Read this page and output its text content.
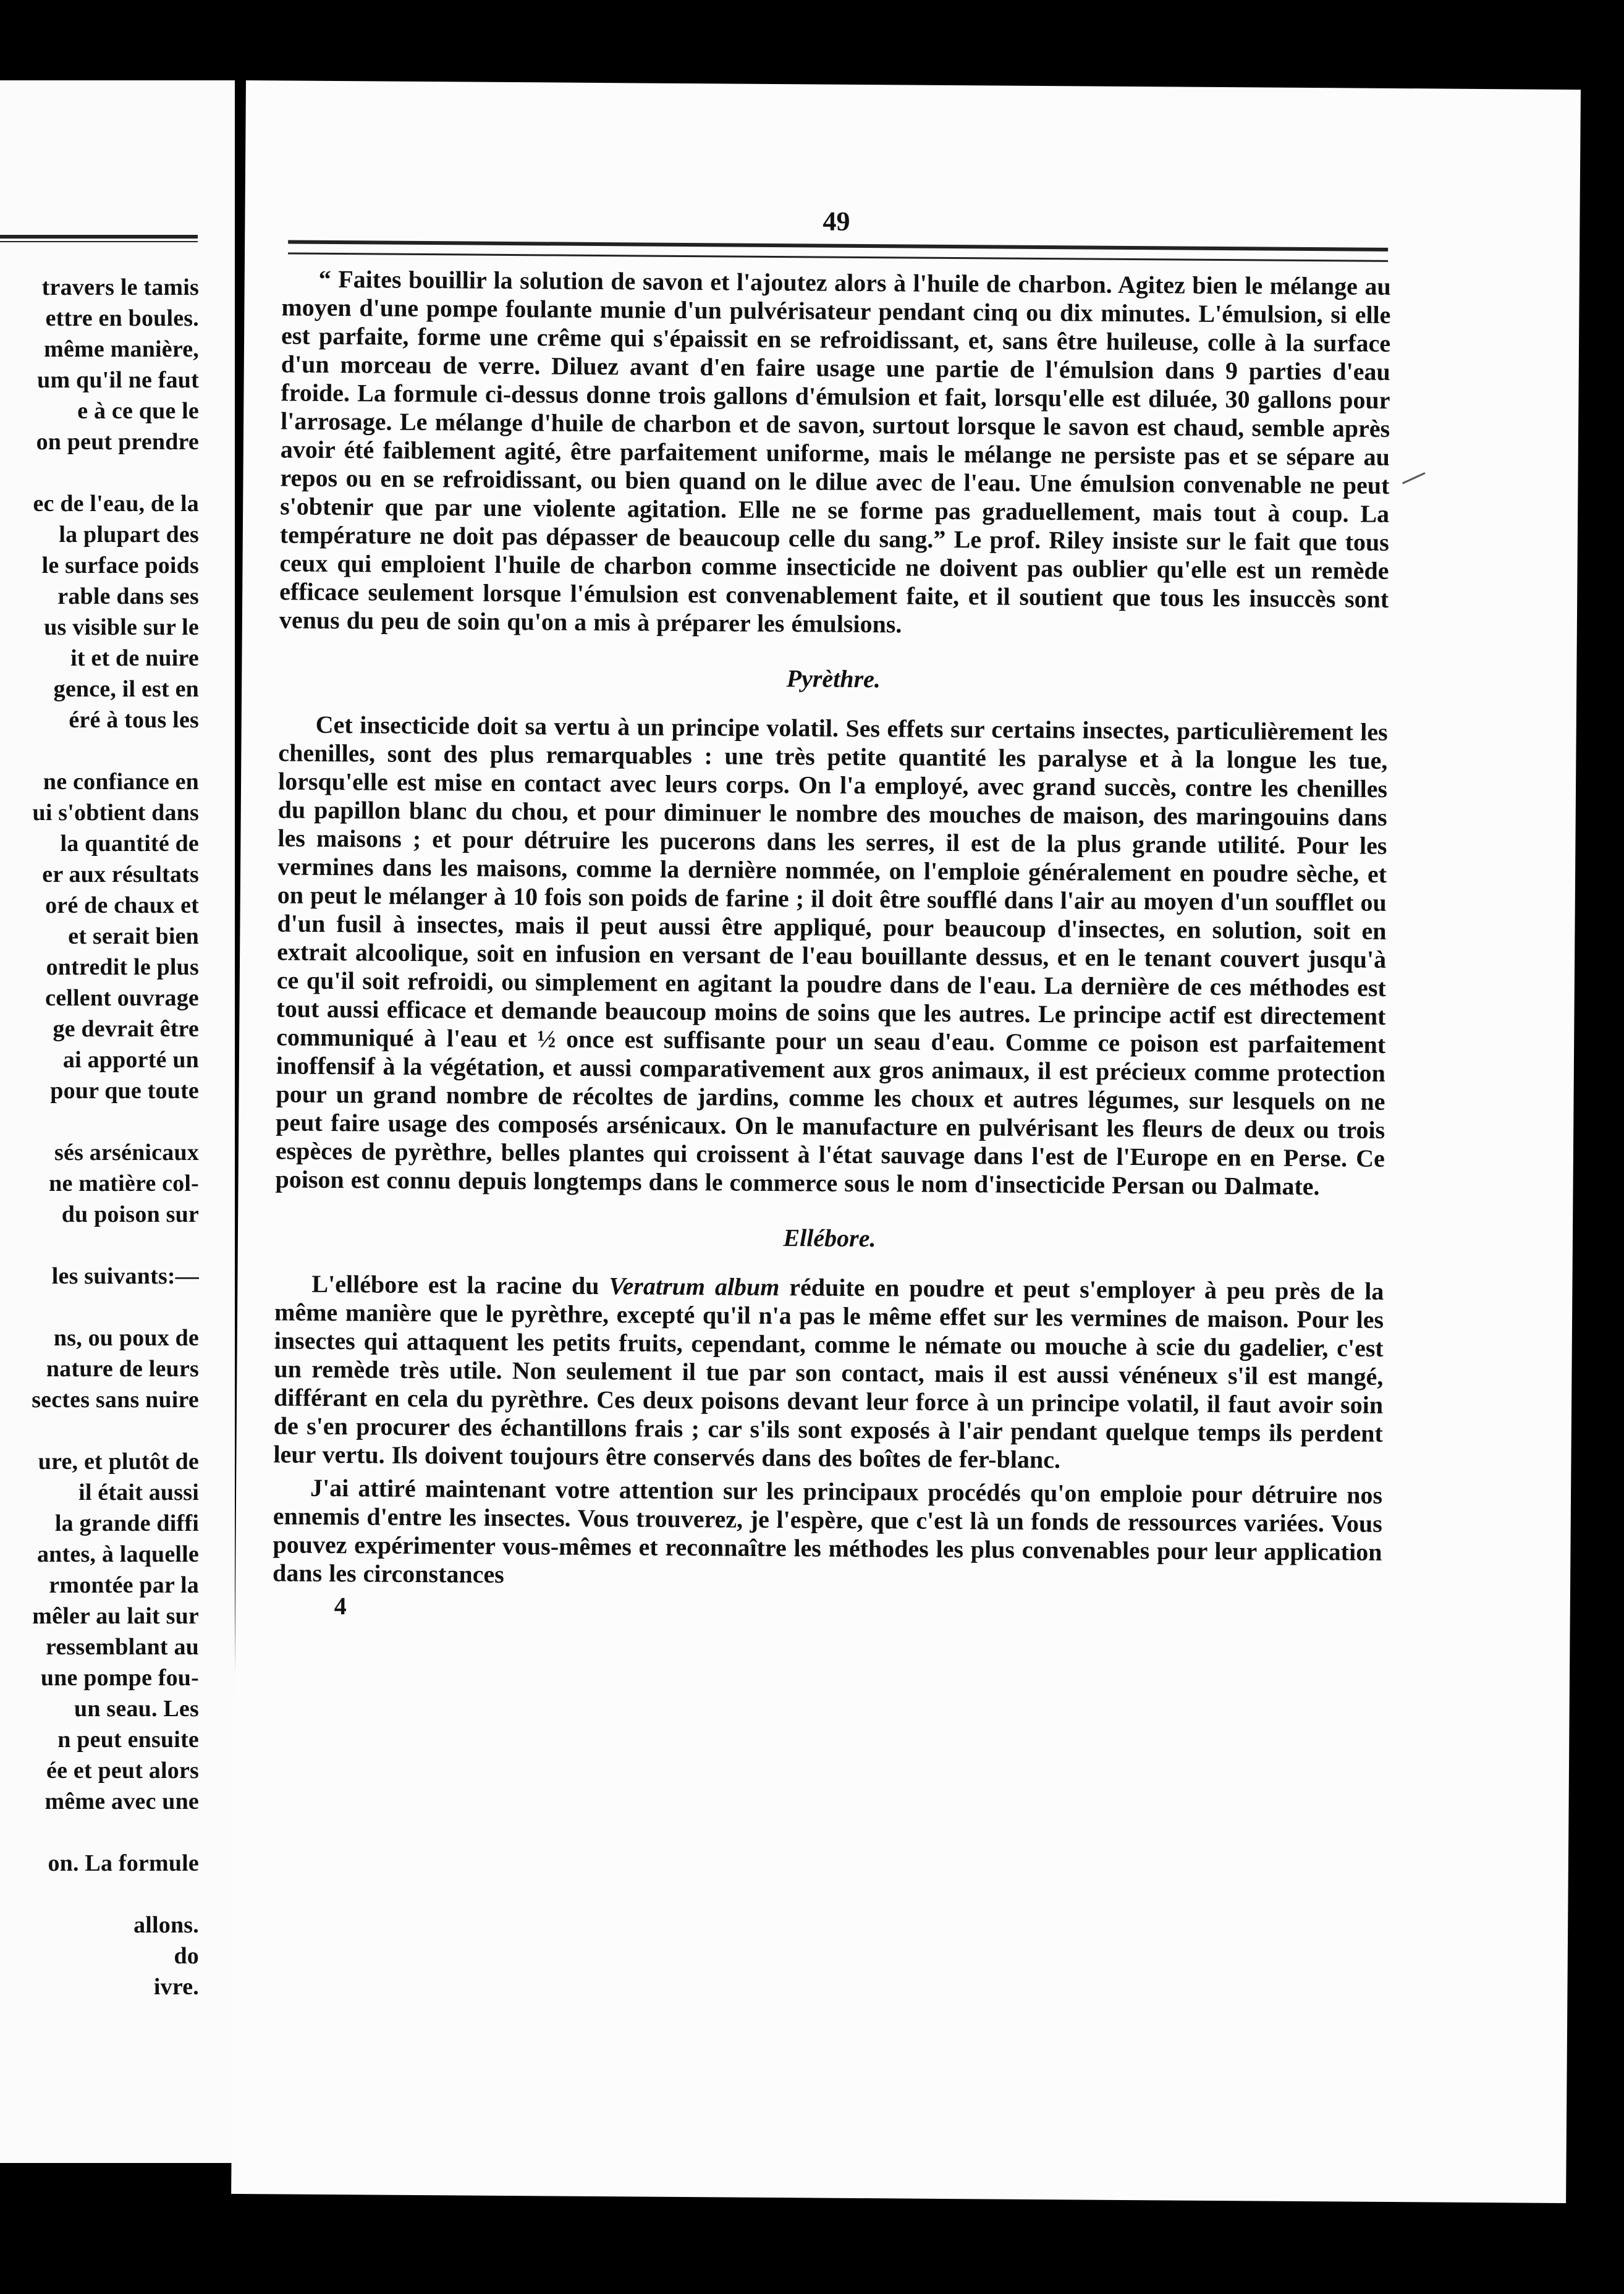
travers le tamis
ettre en boules.
même manière,
um qu'il ne faut
e à ce que le
on peut prendre
ec de l'eau, de la
la plupart des
le surface poids
rable dans ses
us visible sur le
it et de nuire
gence, il est en
éré à tous les
ne confiance en
ui s'obtient dans
la quantité de
er aux résultats
oré de chaux et
et serait bien
ontredit le plus
cellent ouvrage
ge devrait être
ai apporté un
pour que toute
sés arsénicaux
ne matière col-
du poison sur
les suivants:—
ns, ou poux de
nature de leurs
sectes sans nuire
ure, et plutôt de
il était aussi
la grande diffi
antes, à laquelle
rmontée par la
mêler au lait sur
ressemblant au
une pompe fou-
un seau. Les
n peut ensuite
ée et peut alors
même avec une
on. La formule
allons.
do
ivre.
49

“ Faites bouillir la solution de savon et l'ajoutez alors à l'huile de charbon. Agitez bien le mélange au moyen d'une pompe foulante munie d'un pulvérisateur pendant cinq ou dix minutes. L'émulsion, si elle est parfaite, forme une crême qui s'épaissit en se refroidissant, et, sans être huileuse, colle à la surface d'un morceau de verre. Diluez avant d'en faire usage une partie de l'émulsion dans 9 parties d'eau froide. La formule ci-dessus donne trois gallons d'émulsion et fait, lorsqu'elle est diluée, 30 gallons pour l'arrosage. Le mélange d'huile de charbon et de savon, surtout lorsque le savon est chaud, semble après avoir été faiblement agité, être parfaitement uniforme, mais le mélange ne persiste pas et se sépare au repos ou en se refroidissant, ou bien quand on le dilue avec de l'eau. Une émulsion convenable ne peut s'obtenir que par une violente agitation. Elle ne se forme pas graduellement, mais tout à coup. La température ne doit pas dépasser de beaucoup celle du sang.” Le prof. Riley insiste sur le fait que tous ceux qui emploient l'huile de charbon comme insecticide ne doivent pas oublier qu'elle est un remède efficace seulement lorsque l'émulsion est convenablement faite, et il soutient que tous les insuccès sont venus du peu de soin qu'on a mis à préparer les émulsions.

Pyrèthre.

Cet insecticide doit sa vertu à un principe volatil. Ses effets sur certains insectes, particulièrement les chenilles, sont des plus remarquables : une très petite quantité les paralyse et à la longue les tue, lorsqu'elle est mise en contact avec leurs corps. On l'a employé, avec grand succès, contre les chenilles du papillon blanc du chou, et pour diminuer le nombre des mouches de maison, des maringouins dans les maisons ; et pour détruire les pucerons dans les serres, il est de la plus grande utilité. Pour les vermines dans les maisons, comme la dernière nommée, on l'emploie généralement en poudre sèche, et on peut le mélanger à 10 fois son poids de farine ; il doit être soufflé dans l'air au moyen d'un soufflet ou d'un fusil à insectes, mais il peut aussi être appliqué, pour beaucoup d'insectes, en solution, soit en extrait alcoolique, soit en infusion en versant de l'eau bouillante dessus, et en le tenant couvert jusqu'à ce qu'il soit refroidi, ou simplement en agitant la poudre dans de l'eau. La dernière de ces méthodes est tout aussi efficace et demande beaucoup moins de soins que les autres. Le principe actif est directement communiqué à l'eau et ½ once est suffisante pour un seau d'eau. Comme ce poison est parfaitement inoffensif à la végétation, et aussi comparativement aux gros animaux, il est précieux comme protection pour un grand nombre de récoltes de jardins, comme les choux et autres légumes, sur lesquels on ne peut faire usage des composés arsénicaux. On le manufacture en pulvérisant les fleurs de deux ou trois espèces de pyrèthre, belles plantes qui croissent à l'état sauvage dans l'est de l'Europe en en Perse. Ce poison est connu depuis longtemps dans le commerce sous le nom d'insecticide Persan ou Dalmate.

Ellébore.

L'ellébore est la racine du Veratrum album réduite en poudre et peut s'employer à peu près de la même manière que le pyrèthre, excepté qu'il n'a pas le même effet sur les vermines de maison. Pour les insectes qui attaquent les petits fruits, cependant, comme le némate ou mouche à scie du gadelier, c'est un remède très utile. Non seulement il tue par son contact, mais il est aussi vénéneux s'il est mangé, différant en cela du pyrèthre. Ces deux poisons devant leur force à un principe volatil, il faut avoir soin de s'en procurer des échantillons frais ; car s'ils sont exposés à l'air pendant quelque temps ils perdent leur vertu. Ils doivent toujours être conservés dans des boîtes de fer-blanc.

J'ai attiré maintenant votre attention sur les principaux procédés qu'on emploie pour détruire nos ennemis d'entre les insectes. Vous trouverez, je l'espère, que c'est là un fonds de ressources variées. Vous pouvez expérimenter vous-mêmes et reconnaître les méthodes les plus convenables pour leur application dans les circonstances

4
